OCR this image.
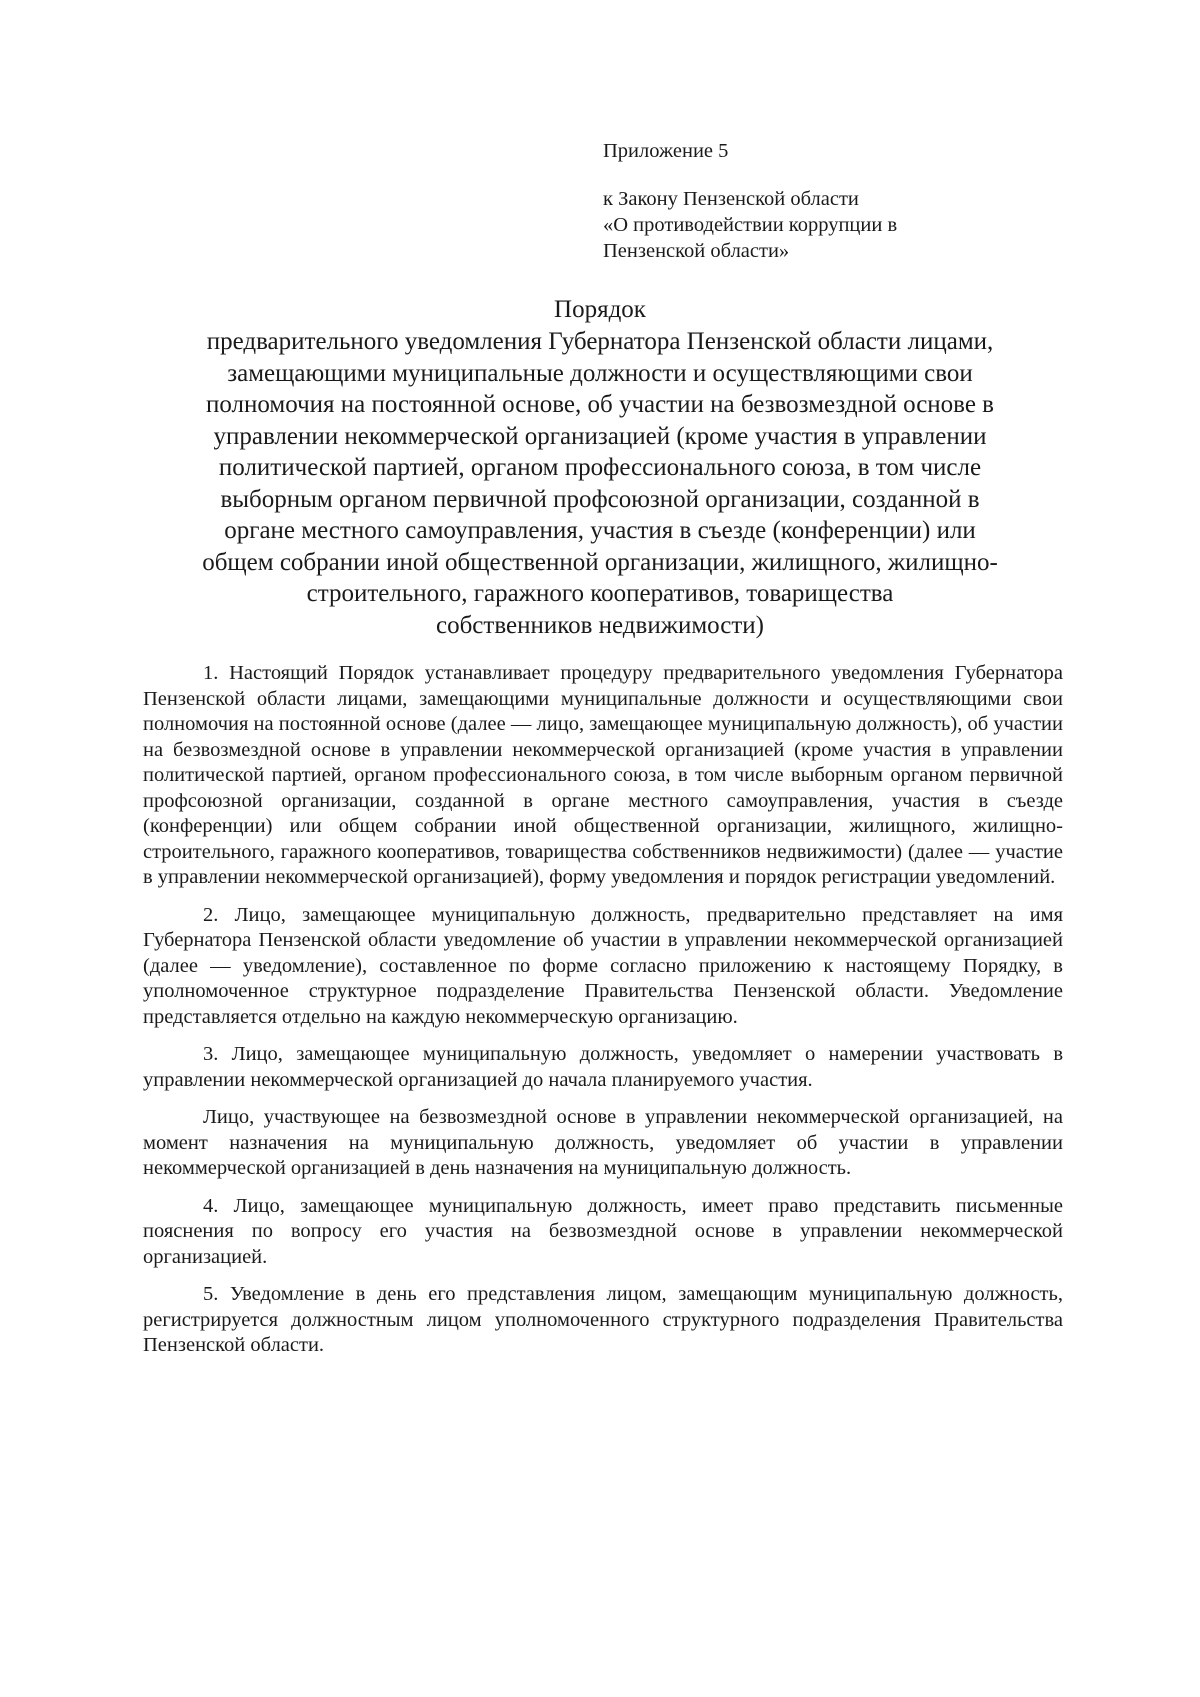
Приложение 5

к Закону Пензенской области
«О противодействии коррупции в
Пензенской области»

Порядок
предварительного уведомления Губернатора Пензенской области лицами,
замещающими муниципальные должности и осуществляющими свои
полномочия на постоянной основе, об участии на безвозмездной основе в
управлении некоммерческой организацией (кроме участия в управлении
политической партией, органом профессионального союза, в том числе
выборным органом первичной профсоюзной организации, созданной в
органе местного самоуправления, участия в съезде (конференции) или
общем собрании иной общественной организации, жилищного, жилищно-
строительного, гаражного кооперативов, товарищества
собственников недвижимости)

1. Настоящий Порядок устанавливает процедуру предварительного уведомления Губернатора Пензенской области лицами, замещающими муниципальные должности и осуществляющими свои полномочия на постоянной основе (далее — лицо, замещающее муниципальную должность), об участии на безвозмездной основе в управлении некоммерческой организацией (кроме участия в управлении политической партией, органом профессионального союза, в том числе выборным органом первичной профсоюзной организации, созданной в органе местного самоуправления, участия в съезде (конференции) или общем собрании иной общественной организации, жилищного, жилищно-строительного, гаражного кооперативов, товарищества собственников недвижимости) (далее — участие в управлении некоммерческой организацией), форму уведомления и порядок регистрации уведомлений.

2. Лицо, замещающее муниципальную должность, предварительно представляет на имя Губернатора Пензенской области уведомление об участии в управлении некоммерческой организацией (далее — уведомление), составленное по форме согласно приложению к настоящему Порядку, в уполномоченное структурное подразделение Правительства Пензенской области. Уведомление представляется отдельно на каждую некоммерческую организацию.

3. Лицо, замещающее муниципальную должность, уведомляет о намерении участвовать в управлении некоммерческой организацией до начала планируемого участия.

Лицо, участвующее на безвозмездной основе в управлении некоммерческой организацией, на момент назначения на муниципальную должность, уведомляет об участии в управлении некоммерческой организацией в день назначения на муниципальную должность.

4. Лицо, замещающее муниципальную должность, имеет право представить письменные пояснения по вопросу его участия на безвозмездной основе в управлении некоммерческой организацией.

5. Уведомление в день его представления лицом, замещающим муниципальную должность, регистрируется должностным лицом уполномоченного структурного подразделения Правительства Пензенской области.
